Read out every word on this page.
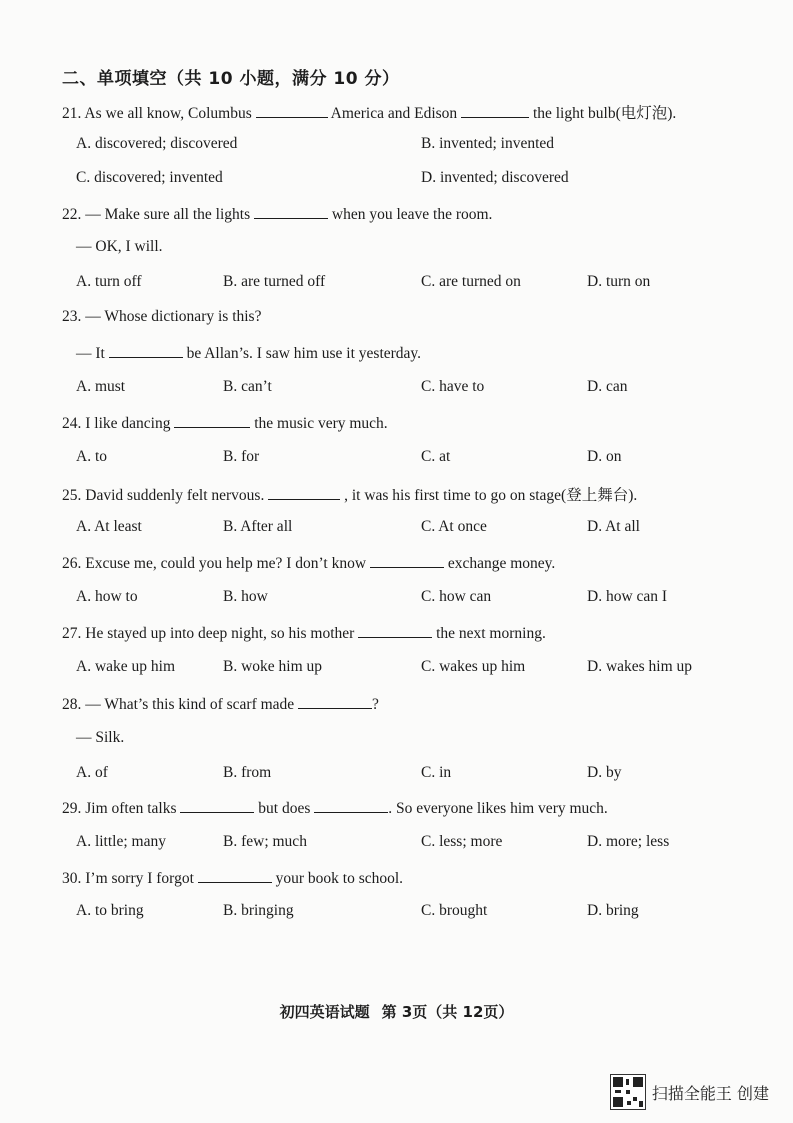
二、单项填空（共 10 小题，满分 10 分）
21. As we all know, Columbus	America and Edison	the light bulb(电灯泡).
A. discovered; discovered	B. invented; invented
C. discovered; invented	D. invented; discovered
22. — Make sure all the lights	when you leave the room.
— OK, I will.
A. turn off	B. are turned off	C. are turned on	D. turn on
23. — Whose dictionary is this?
— It	be Allan’s. I saw him use it yesterday.
A. must	B. can’t	C. have to	D. can
24. I like dancing	the music very much.
A. to	B. for	C. at	D. on
25. David suddenly felt nervous.	, it was his first time to go on stage(登上舞台).
A. At least	B. After all	C. At once	D. At all
26. Excuse me, could you help me? I don’t know	exchange money.
A. how to	B. how	C. how can	D. how can I
27. He stayed up into deep night, so his mother	the next morning.
A. wake up him	B. woke him up	C. wakes up him	D. wakes him up
28. — What’s this kind of scarf made	?
— Silk.
A. of	B. from	C. in	D. by
29. Jim often talks	but does	. So everyone likes him very much.
A. little; many	B. few; much	C. less; more	D. more; less
30. I’m sorry I forgot	your book to school.
A. to bring	B. bringing	C. brought	D. bring
初四英语试题 第 3页（共 12页）
扫描全能王 创建
